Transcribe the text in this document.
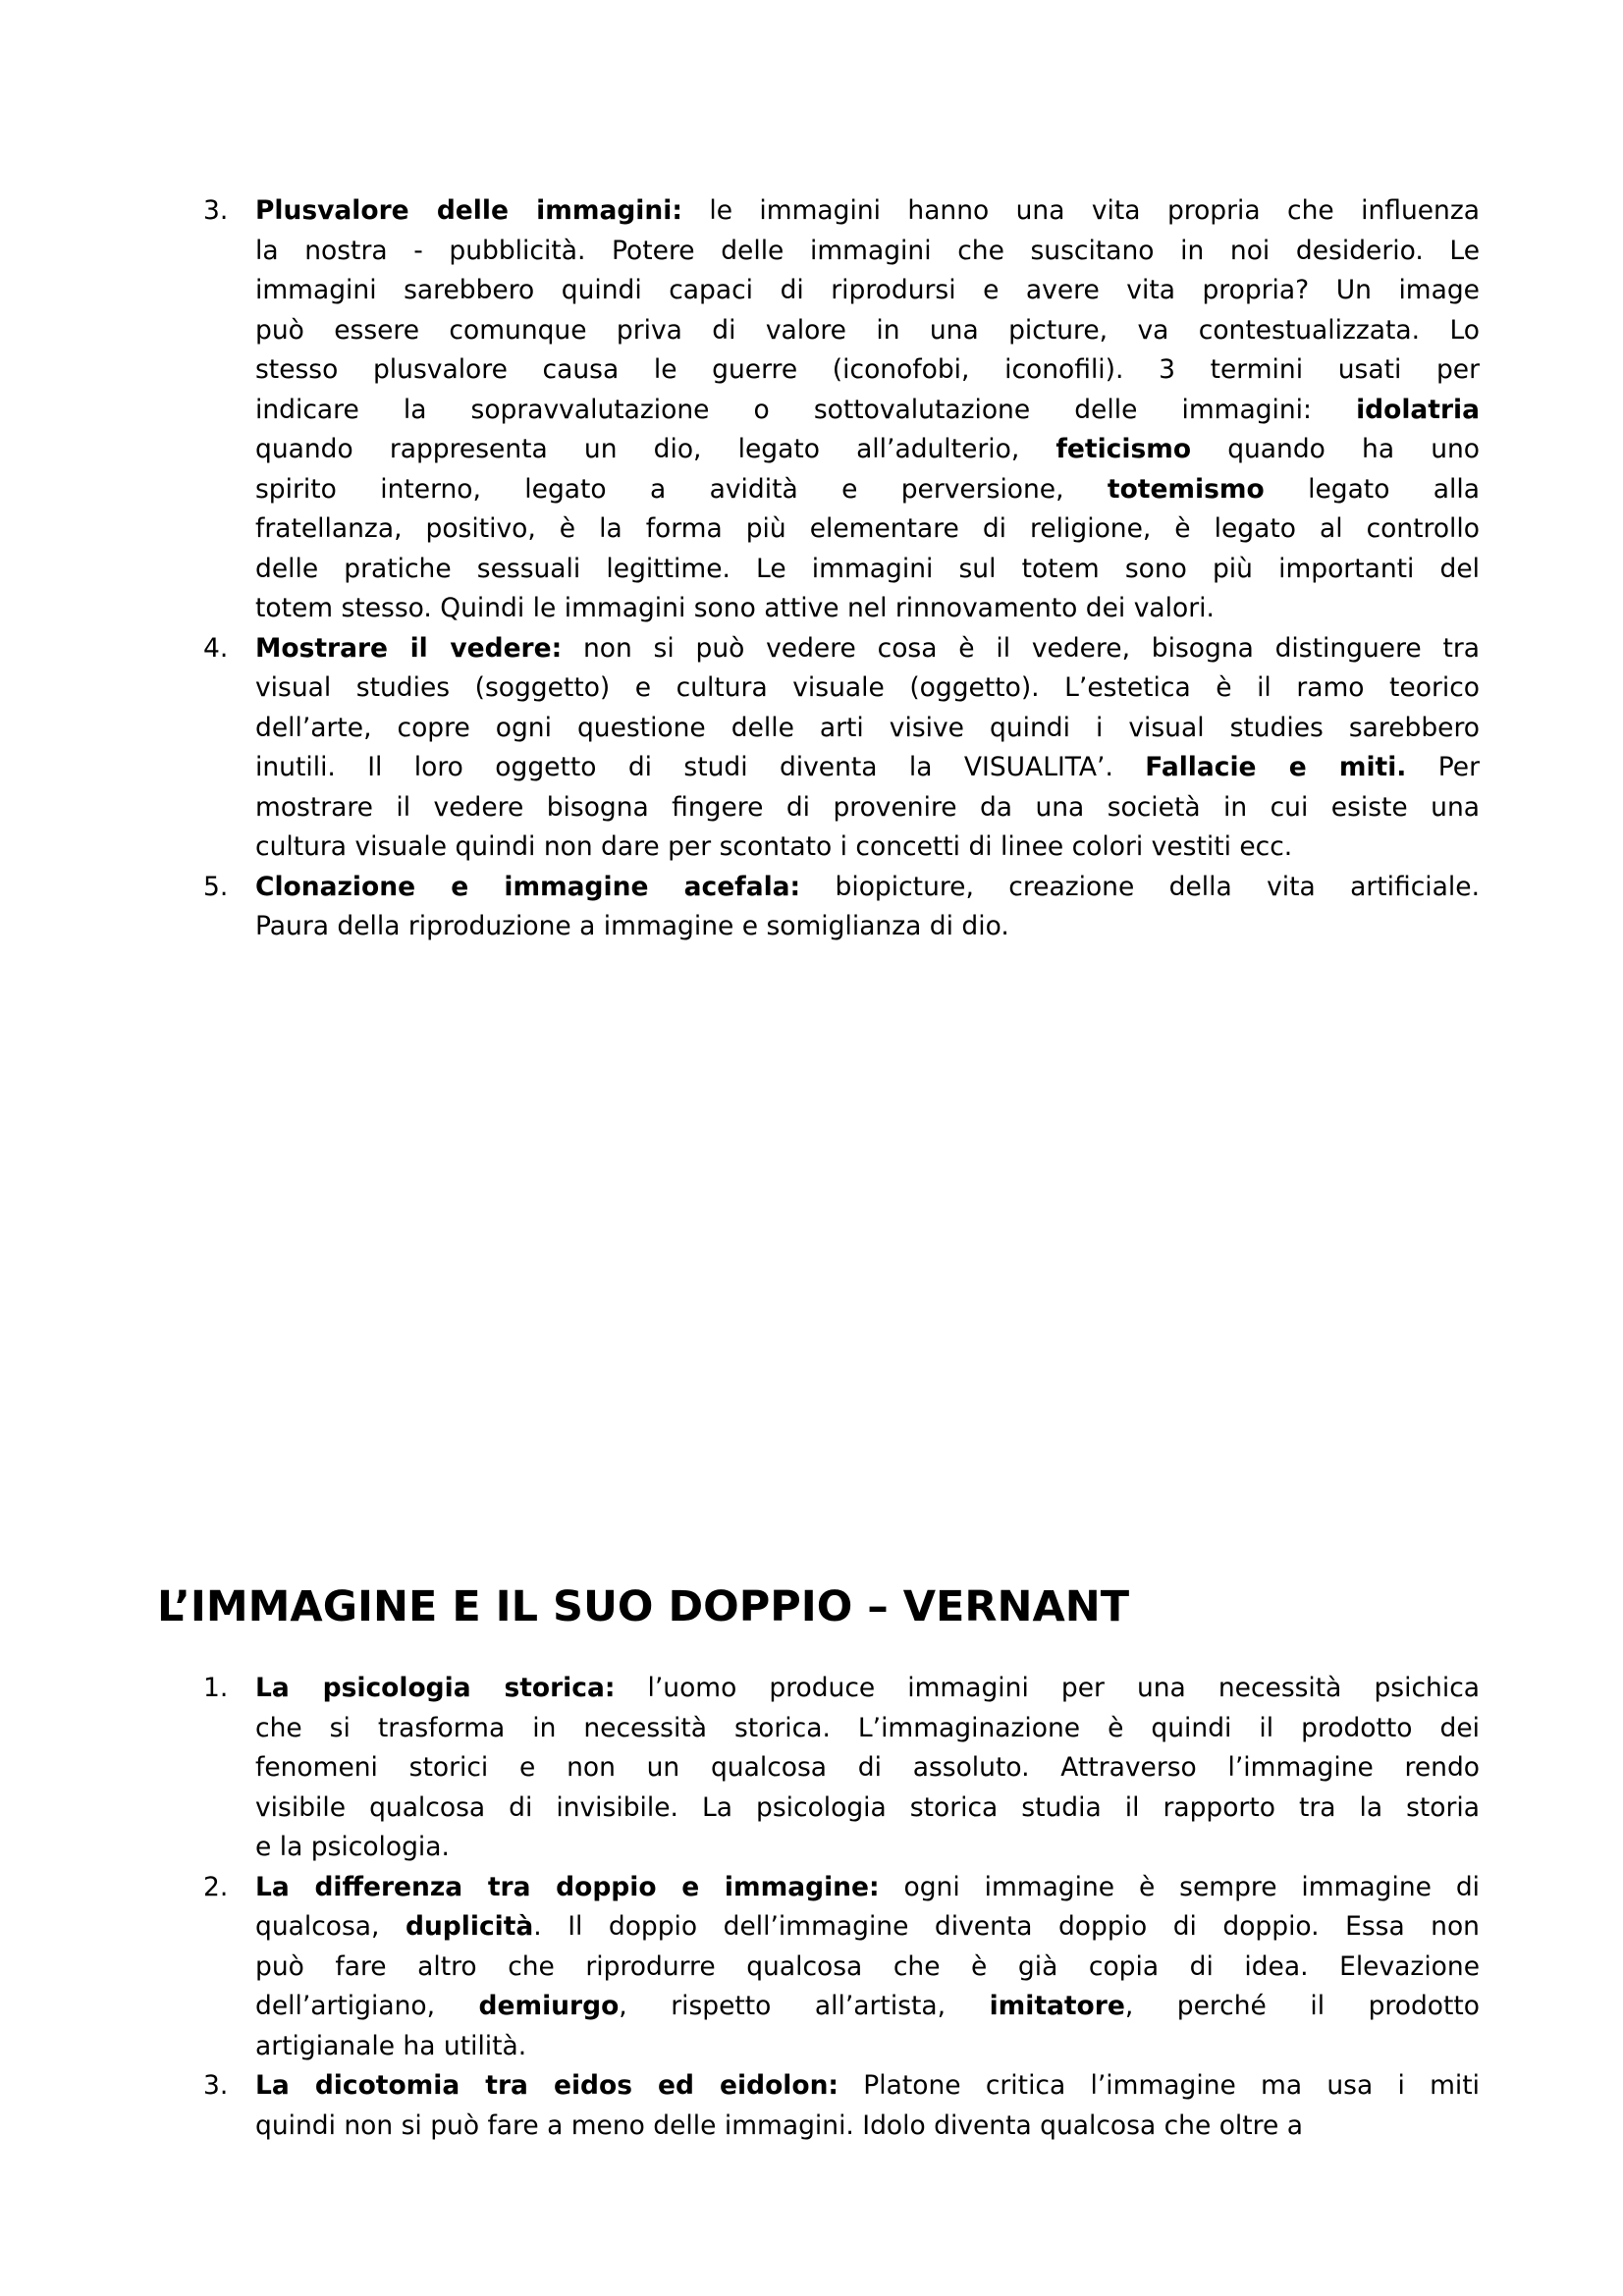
3. Plusvalore delle immagini: le immagini hanno una vita propria che influenza
la nostra - pubblicità. Potere delle immagini che suscitano in noi desiderio. Le
immagini sarebbero quindi capaci di riprodursi e avere vita propria? Un image
può essere comunque priva di valore in una picture, va contestualizzata. Lo
stesso plusvalore causa le guerre (iconofobi, iconofili). 3 termini usati per
indicare la sopravvalutazione o sottovalutazione delle immagini: idolatria
quando rappresenta un dio, legato all’adulterio, feticismo quando ha uno
spirito interno, legato a avidità e perversione, totemismo legato alla
fratellanza, positivo, è la forma più elementare di religione, è legato al controllo
delle pratiche sessuali legittime. Le immagini sul totem sono più importanti del
totem stesso. Quindi le immagini sono attive nel rinnovamento dei valori.
4. Mostrare il vedere: non si può vedere cosa è il vedere, bisogna distinguere tra
visual studies (soggetto) e cultura visuale (oggetto). L’estetica è il ramo teorico
dell’arte, copre ogni questione delle arti visive quindi i visual studies sarebbero
inutili. Il loro oggetto di studi diventa la VISUALITA’. Fallacie e miti. Per
mostrare il vedere bisogna fingere di provenire da una società in cui esiste una
cultura visuale quindi non dare per scontato i concetti di linee colori vestiti ecc.
5. Clonazione e immagine acefala: biopicture, creazione della vita artificiale.
Paura della riproduzione a immagine e somiglianza di dio.
L’IMMAGINE E IL SUO DOPPIO – VERNANT
1. La psicologia storica: l’uomo produce immagini per una necessità psichica
che si trasforma in necessità storica. L’immaginazione è quindi il prodotto dei
fenomeni storici e non un qualcosa di assoluto. Attraverso l’immagine rendo
visibile qualcosa di invisibile. La psicologia storica studia il rapporto tra la storia
e la psicologia.
2. La differenza tra doppio e immagine: ogni immagine è sempre immagine di
qualcosa, duplicità. Il doppio dell’immagine diventa doppio di doppio. Essa non
può fare altro che riprodurre qualcosa che è già copia di idea. Elevazione
dell’artigiano, demiurgo, rispetto all’artista, imitatore, perché il prodotto
artigianale ha utilità.
3. La dicotomia tra eidos ed eidolon: Platone critica l’immagine ma usa i miti
quindi non si può fare a meno delle immagini. Idolo diventa qualcosa che oltre a
